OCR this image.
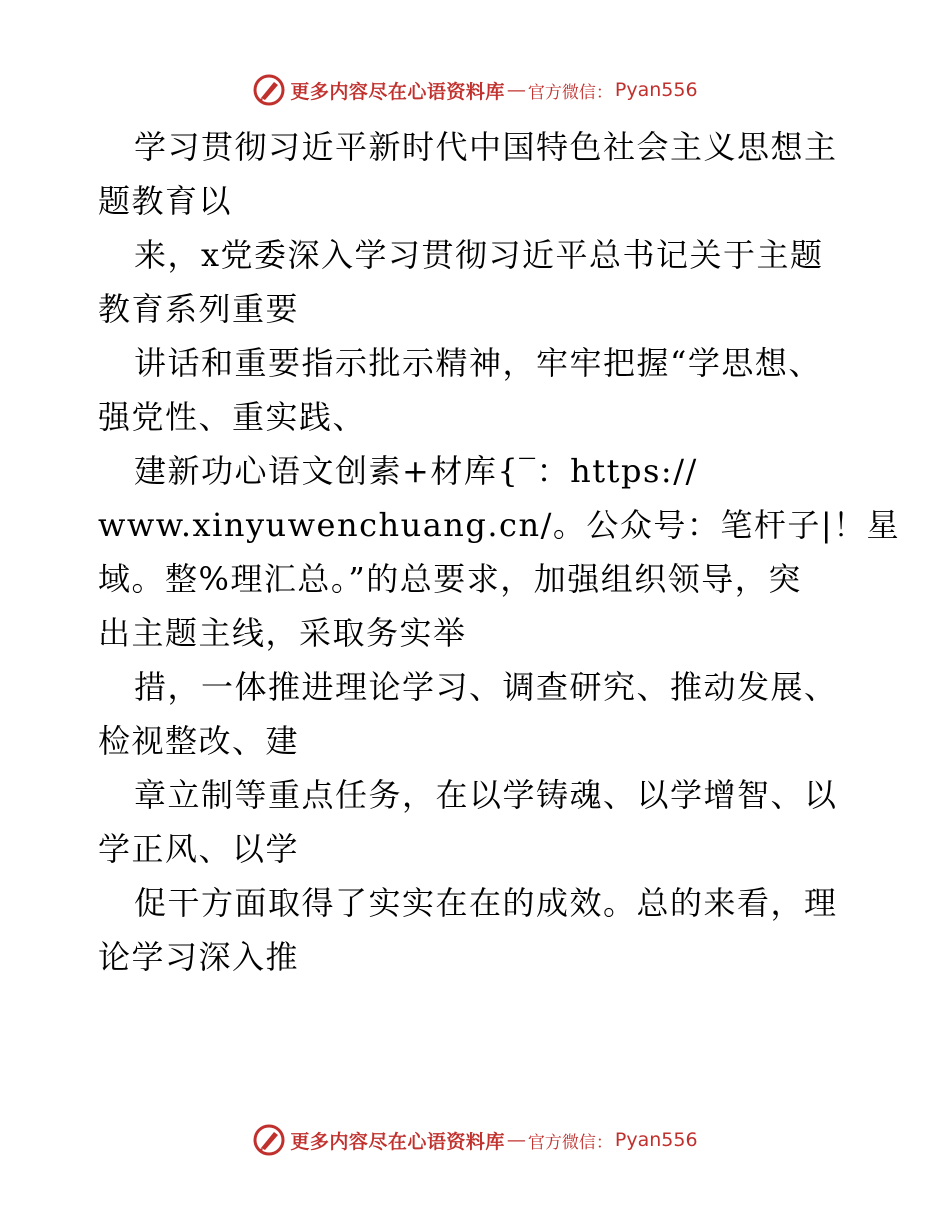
更多内容尽在心语资料库 — 官方微信： Pyan556
学习贯彻习近平新时代中国特色社会主义思想主
题教育以
来，x党委深入学习贯彻习近平总书记关于主题
教育系列重要
讲话和重要指示批示精神，牢牢把握“学思想、
强党性、重实践、
建新功心语文创素+材库{‾：https://
www.xinyuwenchuang.cn/。公众号：笔杆子|！星
域。整%理汇总。”的总要求，加强组织领导，突
出主题主线，采取务实举
措，一体推进理论学习、调查研究、推动发展、
检视整改、建
章立制等重点任务，在以学铸魂、以学增智、以
学正风、以学
促干方面取得了实实在在的成效。总的来看，理
论学习深入推
更多内容尽在心语资料库 — 官方微信： Pyan556
